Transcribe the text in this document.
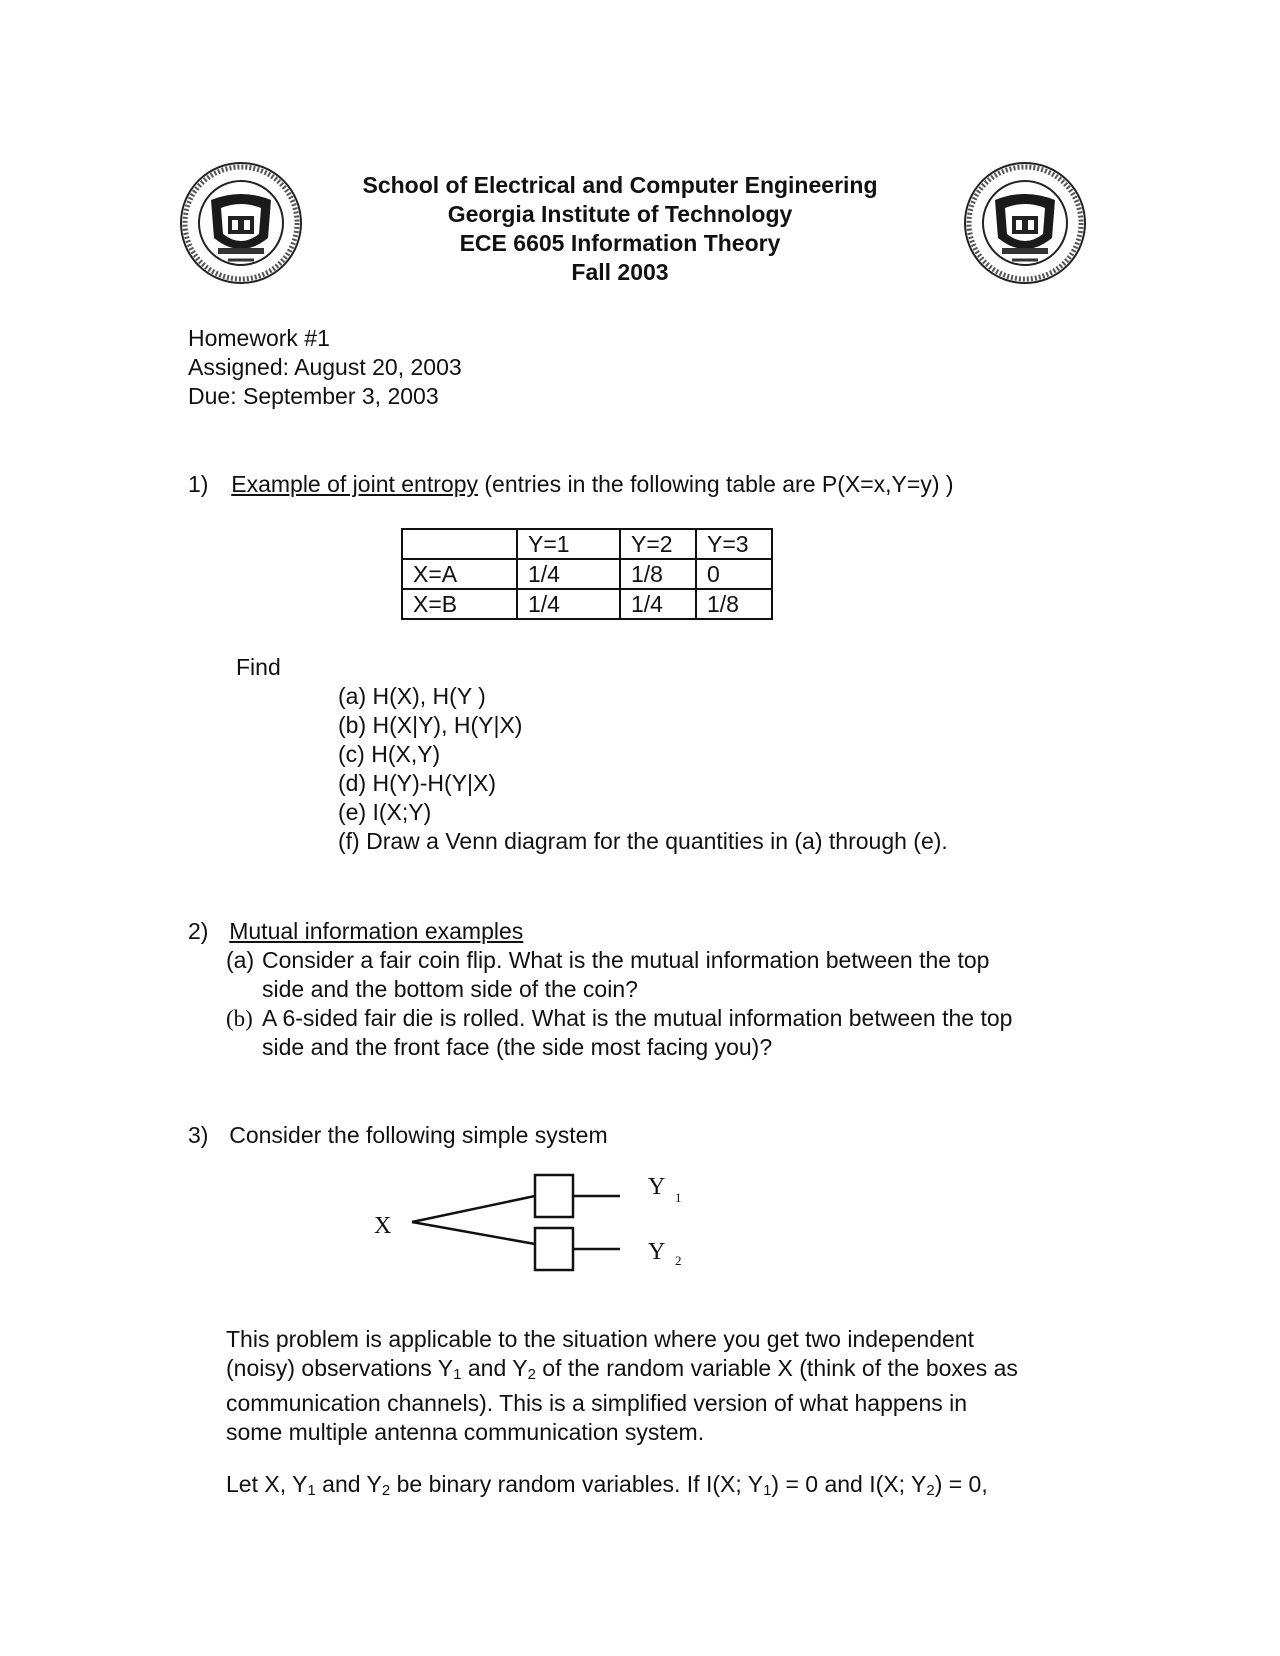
School of Electrical and Computer Engineering
Georgia Institute of Technology
ECE 6605 Information Theory
Fall 2003
Homework #1
Assigned: August 20, 2003
Due: September 3, 2003
1) Example of joint entropy (entries in the following table are P(X=x,Y=y) )
	Y=1	Y=2	Y=3
X=A	1/4	1/8	0
X=B	1/4	1/4	1/8
Find
(a) H(X), H(Y )
(b) H(X|Y), H(Y|X)
(c) H(X,Y)
(d) H(Y)-H(Y|X)
(e) I(X;Y)
(f) Draw a Venn diagram for the quantities in (a) through (e).
2) Mutual information examples
(a) Consider a fair coin flip. What is the mutual information between the top
side and the bottom side of the coin?
(b) A 6-sided fair die is rolled. What is the mutual information between the top
side and the front face (the side most facing you)?
3) Consider the following simple system
X
Y 1
Y 2
This problem is applicable to the situation where you get two independent
(noisy) observations $Y_1$ and $Y_2$ of the random variable X (think of the boxes as
communication channels). This is a simplified version of what happens in
some multiple antenna communication system.
Let X, $Y_1$ and $Y_2$ be binary random variables. If I(X; $Y_1) = 0$ and I(X; $Y_2) = 0$,
